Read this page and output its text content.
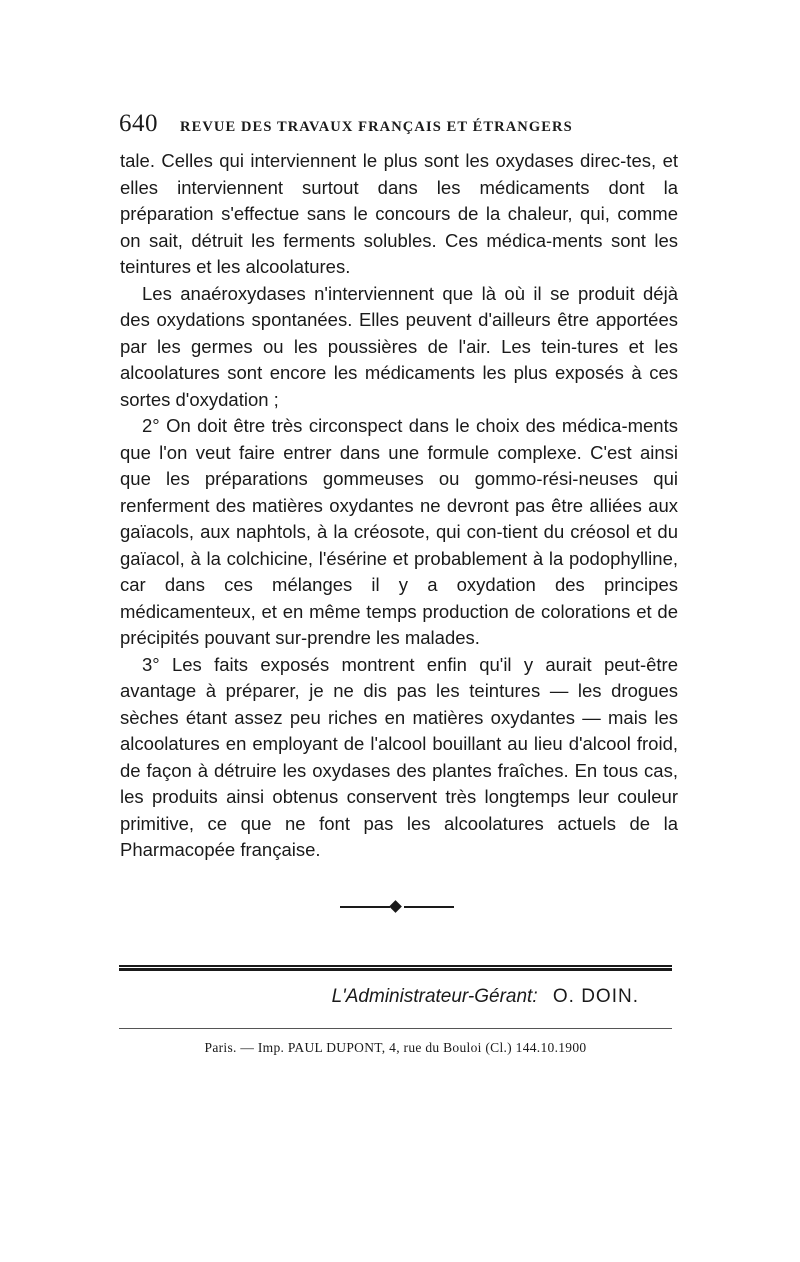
640 REVUE DES TRAVAUX FRANÇAIS ET ÉTRANGERS

tale. Celles qui interviennent le plus sont les oxydases direc-tes, et elles interviennent surtout dans les médicaments dont la préparation s'effectue sans le concours de la chaleur, qui, comme on sait, détruit les ferments solubles. Ces médica-ments sont les teintures et les alcoolatures.

Les anaéroxydases n'interviennent que là où il se produit déjà des oxydations spontanées. Elles peuvent d'ailleurs être apportées par les germes ou les poussières de l'air. Les tein-tures et les alcoolatures sont encore les médicaments les plus exposés à ces sortes d'oxydation ;

2° On doit être très circonspect dans le choix des médica-ments que l'on veut faire entrer dans une formule complexe. C'est ainsi que les préparations gommeuses ou gommo-rési-neuses qui renferment des matières oxydantes ne devront pas être alliées aux gaïacols, aux naphtols, à la créosote, qui con-tient du créosol et du gaïacol, à la colchicine, l'ésérine et probablement à la podophylline, car dans ces mélanges il y a oxydation des principes médicamenteux, et en même temps production de colorations et de précipités pouvant sur-prendre les malades.

3° Les faits exposés montrent enfin qu'il y aurait peut-être avantage à préparer, je ne dis pas les teintures — les drogues sèches étant assez peu riches en matières oxydantes — mais les alcoolatures en employant de l'alcool bouillant au lieu d'alcool froid, de façon à détruire les oxydases des plantes fraîches. En tous cas, les produits ainsi obtenus conservent très longtemps leur couleur primitive, ce que ne font pas les alcoolatures actuels de la Pharmacopée française.

L'Administrateur-Gérant: O. DOIN.
Paris. — Imp. PAUL DUPONT, 4, rue du Bouloi (Cl.) 144.10.1900
